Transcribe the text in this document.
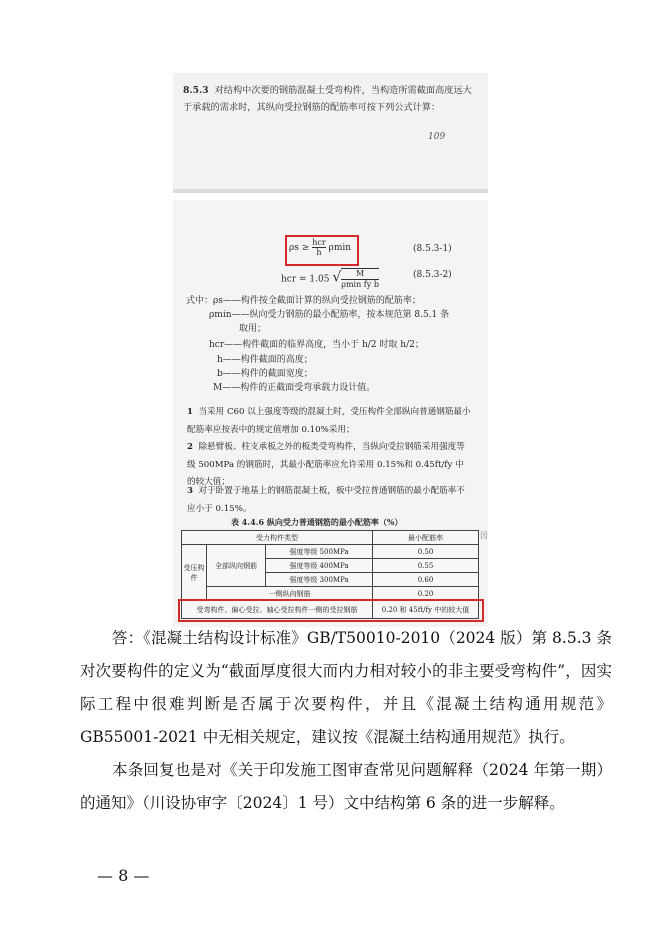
8.5.3 对结构中次要的钢筋混凝土受弯构件，当构造所需截面高度远大于承载的需求时，其纵向受拉钢筋的配筋率可按下列公式计算：
109
ρs ≥
hcr
h ρmin	(8.5.3-1)
hcr = 1.05 √	M
ρmin fy b
(8.5.3-2)
式中：ρs——构件按全截面计算的纵向受拉钢筋的配筋率；
ρmin——纵向受力钢筋的最小配筋率，按本规范第 8.5.1 条
取用；
hcr——构件截面的临界高度，当小于 h/2 时取 h/2；
h——构件截面的高度；
b——构件的截面宽度；
M——构件的正截面受弯承载力设计值。
1 当采用 C60 以上强度等级的混凝土时，受压构件全部纵向普通钢筋最小配筋率应按表中的规定值增加 0.10%采用；
2 除悬臂板、柱支承板之外的板类受弯构件，当纵向受拉钢筋采用强度等级 500MPa 的钢筋时，其最小配筋率应允许采用 0.15%和 0.45ft/fy 中的较大值；
3 对于卧置于地基上的钢筋混凝土板，板中受拉普通钢筋的最小配筋率不应小于 0.15%。
表 4.4.6 纵向受力普通钢筋的最小配筋率（%）
受力构件类型			最小配筋率
受压构件	全部纵向钢筋	强度等级 500MPa	0.50
		强度等级 400MPa	0.55
		强度等级 300MPa	0.60
	一侧纵向钢筋		0.20
受弯构件、偏心受拉、轴心受拉构件一侧的受拉钢筋			0.20 和 45ft/fy 中的较大值
図
答：《混凝土结构设计标准》GB/T50010-2010（2024 版）第 8.5.3 条对次要构件的定义为“截面厚度很大而内力相对较小的非主要受弯构件”，因实际工程中很难判断是否属于次要构件，并且《混凝土结构通用规范》GB55001-2021 中无相关规定，建议按《混凝土结构通用规范》执行。
本条回复也是对《关于印发施工图审查常见问题解释（2024 年第一期）的通知》（川设协审字〔2024〕1 号）文中结构第 6 条的进一步解释。
— 8 —
